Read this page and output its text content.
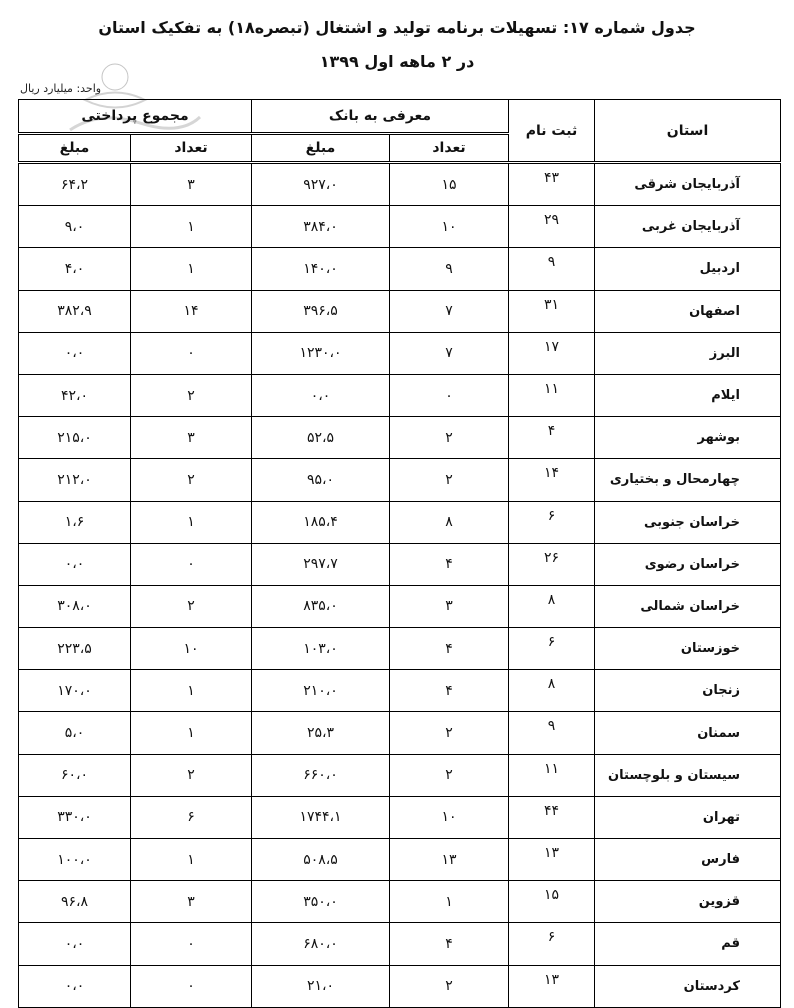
جدول شماره ۱۷: تسهیلات برنامه تولید و اشتغال (تبصره۱۸) به تفکیک استان
در ۲ ماهه اول ۱۳۹۹
واحد: میلیارد ریال
استان	ثبت نام	معرفی به بانک		مجموع پرداختی	
		تعداد	مبلغ	تعداد	مبلغ
آذربایجان شرقی	۴۳	۱۵	۹۲۷،۰	۳	۶۴،۲
آذربایجان غربی	۲۹	۱۰	۳۸۴،۰	۱	۹،۰
اردبیل	۹	۹	۱۴۰،۰	۱	۴،۰
اصفهان	۳۱	۷	۳۹۶،۵	۱۴	۳۸۲،۹
البرز	۱۷	۷	۱۲۳۰،۰	۰	۰،۰
ایلام	۱۱	۰	۰،۰	۲	۴۲،۰
بوشهر	۴	۲	۵۲،۵	۳	۲۱۵،۰
چهارمحال و بختیاری	۱۴	۲	۹۵،۰	۲	۲۱۲،۰
خراسان جنوبی	۶	۸	۱۸۵،۴	۱	۱،۶
خراسان رضوی	۲۶	۴	۲۹۷،۷	۰	۰،۰
خراسان شمالی	۸	۳	۸۳۵،۰	۲	۳۰۸،۰
خوزستان	۶	۴	۱۰۳،۰	۱۰	۲۲۳،۵
زنجان	۸	۴	۲۱۰،۰	۱	۱۷۰،۰
سمنان	۹	۲	۲۵،۳	۱	۵،۰
سیستان و بلوچستان	۱۱	۲	۶۶۰،۰	۲	۶۰،۰
تهران	۴۴	۱۰	۱۷۴۴،۱	۶	۳۳۰،۰
فارس	۱۳	۱۳	۵۰۸،۵	۱	۱۰۰،۰
قزوین	۱۵	۱	۳۵۰،۰	۳	۹۶،۸
قم	۶	۴	۶۸۰،۰	۰	۰،۰
کردستان	۱۳	۲	۲۱،۰	۰	۰،۰
